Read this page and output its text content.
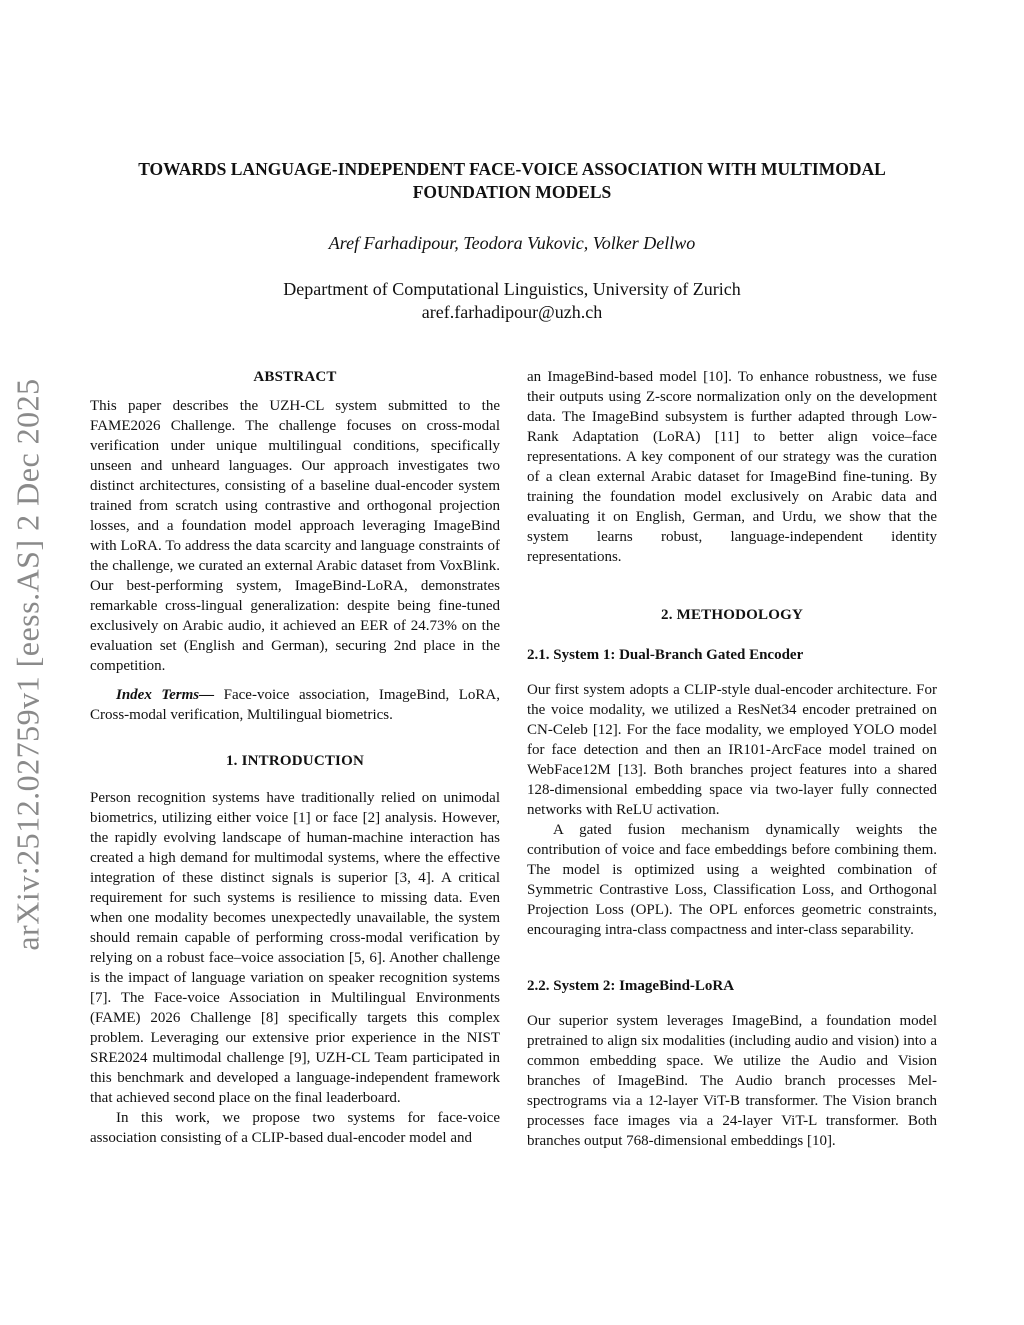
arXiv:2512.02759v1 [eess.AS] 2 Dec 2025
TOWARDS LANGUAGE-INDEPENDENT FACE-VOICE ASSOCIATION WITH MULTIMODAL FOUNDATION MODELS
Aref Farhadipour, Teodora Vukovic, Volker Dellwo
Department of Computational Linguistics, University of Zurich
aref.farhadipour@uzh.ch
ABSTRACT

This paper describes the UZH-CL system submitted to the FAME2026 Challenge. The challenge focuses on cross-modal verification under unique multilingual conditions, specifically unseen and unheard languages. Our approach investigates two distinct architectures, consisting of a baseline dual-encoder system trained from scratch using contrastive and orthogonal projection losses, and a foundation model approach leveraging ImageBind with LoRA. To address the data scarcity and language constraints of the challenge, we curated an external Arabic dataset from VoxBlink. Our best-performing system, ImageBind-LoRA, demonstrates remarkable cross-lingual generalization: despite being fine-tuned exclusively on Arabic audio, it achieved an EER of 24.73% on the evaluation set (English and German), securing 2nd place in the competition.

Index Terms— Face-voice association, ImageBind, LoRA, Cross-modal verification, Multilingual biometrics.

1. INTRODUCTION

Person recognition systems have traditionally relied on unimodal biometrics, utilizing either voice [1] or face [2] analysis. However, the rapidly evolving landscape of human-machine interaction has created a high demand for multimodal systems, where the effective integration of these distinct signals is superior [3, 4]. A critical requirement for such systems is resilience to missing data. Even when one modality becomes unexpectedly unavailable, the system should remain capable of performing cross-modal verification by relying on a robust face–voice association [5, 6]. Another challenge is the impact of language variation on speaker recognition systems [7]. The Face-voice Association in Multilingual Environments (FAME) 2026 Challenge [8] specifically targets this complex problem. Leveraging our extensive prior experience in the NIST SRE2024 multimodal challenge [9], UZH-CL Team participated in this benchmark and developed a language-independent framework that achieved second place on the final leaderboard.

In this work, we propose two systems for face-voice association consisting of a CLIP-based dual-encoder model and

an ImageBind-based model [10]. To enhance robustness, we fuse their outputs using Z-score normalization only on the development data. The ImageBind subsystem is further adapted through Low-Rank Adaptation (LoRA) [11] to better align voice–face representations. A key component of our strategy was the curation of a clean external Arabic dataset for ImageBind fine-tuning. By training the foundation model exclusively on Arabic data and evaluating it on English, German, and Urdu, we show that the system learns robust, language-independent identity representations.

2. METHODOLOGY
2.1. System 1: Dual-Branch Gated Encoder

Our first system adopts a CLIP-style dual-encoder architecture. For the voice modality, we utilized a ResNet34 encoder pretrained on CN-Celeb [12]. For the face modality, we employed YOLO model for face detection and then an IR101-ArcFace model trained on WebFace12M [13]. Both branches project features into a shared 128-dimensional embedding space via two-layer fully connected networks with ReLU activation.

A gated fusion mechanism dynamically weights the contribution of voice and face embeddings before combining them. The model is optimized using a weighted combination of Symmetric Contrastive Loss, Classification Loss, and Orthogonal Projection Loss (OPL). The OPL enforces geometric constraints, encouraging intra-class compactness and inter-class separability.

2.2. System 2: ImageBind-LoRA

Our superior system leverages ImageBind, a foundation model pretrained to align six modalities (including audio and vision) into a common embedding space. We utilize the Audio and Vision branches of ImageBind. The Audio branch processes Mel-spectrograms via a 12-layer ViT-B transformer. The Vision branch processes face images via a 24-layer ViT-L transformer. Both branches output 768-dimensional embeddings [10].
